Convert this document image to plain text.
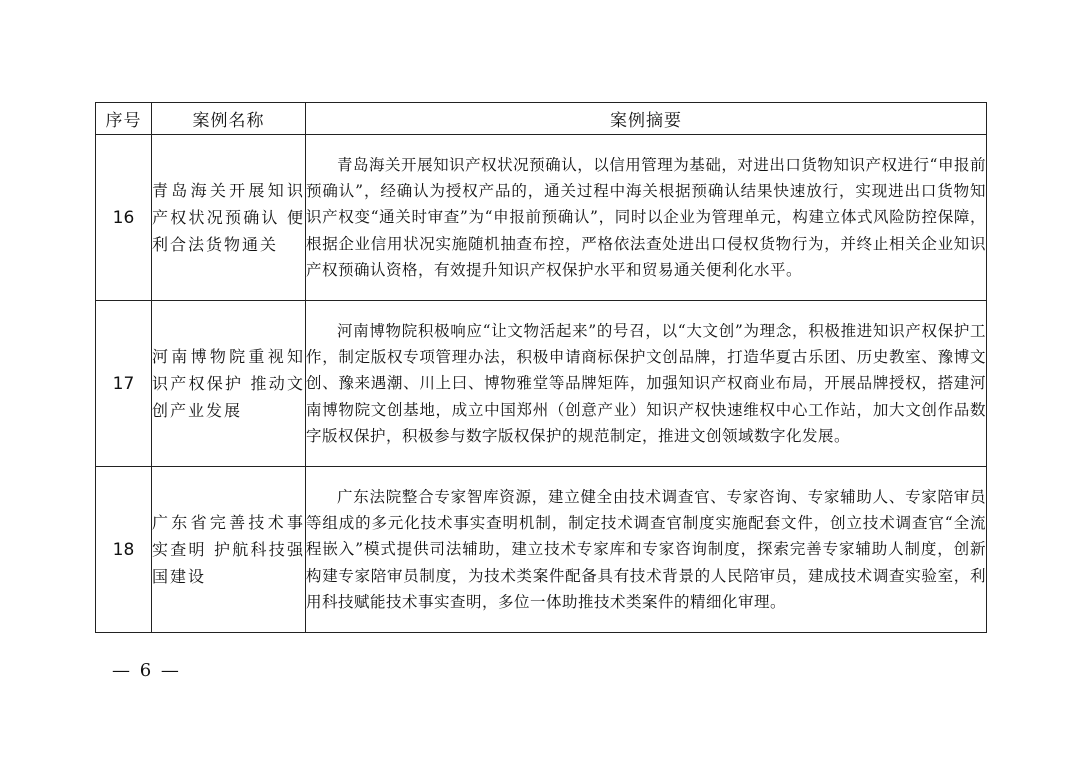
序号	案例名称	案例摘要
16	青岛海关开展知识产权状况预确认 便利合法货物通关	青岛海关开展知识产权状况预确认，以信用管理为基础，对进出口货物知识产权进行“申报前预确认”，经确认为授权产品的，通关过程中海关根据预确认结果快速放行，实现进出口货物知识产权变“通关时审查”为“申报前预确认”，同时以企业为管理单元，构建立体式风险防控保障，根据企业信用状况实施随机抽查布控，严格依法查处进出口侵权货物行为，并终止相关企业知识产权预确认资格，有效提升知识产权保护水平和贸易通关便利化水平。
17	河南博物院重视知识产权保护 推动文创产业发展	河南博物院积极响应“让文物活起来”的号召，以“大文创”为理念，积极推进知识产权保护工作，制定版权专项管理办法，积极申请商标保护文创品牌，打造华夏古乐团、历史教室、豫博文创、豫来遇潮、川上曰、博物雅堂等品牌矩阵，加强知识产权商业布局，开展品牌授权，搭建河南博物院文创基地，成立中国郑州（创意产业）知识产权快速维权中心工作站，加大文创作品数字版权保护，积极参与数字版权保护的规范制定，推进文创领域数字化发展。
18	广东省完善技术事实查明 护航科技强国建设	广东法院整合专家智库资源，建立健全由技术调查官、专家咨询、专家辅助人、专家陪审员等组成的多元化技术事实查明机制，制定技术调查官制度实施配套文件，创立技术调查官“全流程嵌入”模式提供司法辅助，建立技术专家库和专家咨询制度，探索完善专家辅助人制度，创新构建专家陪审员制度，为技术类案件配备具有技术背景的人民陪审员，建成技术调查实验室，利用科技赋能技术事实查明，多位一体助推技术类案件的精细化审理。
— 6 —
